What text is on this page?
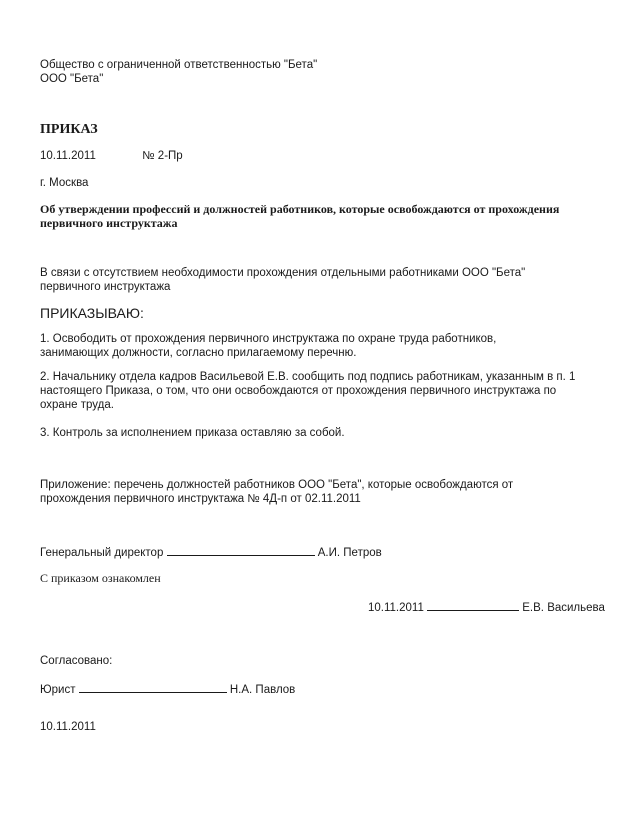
Общество с ограниченной ответственностью "Бета"
ООО "Бета"
ПРИКАЗ
10.11.2011	№ 2-Пр
г. Москва
Об утверждении профессий и должностей работников, которые освобождаются от прохождения первичного инструктажа
В связи с отсутствием необходимости прохождения отдельными работниками ООО "Бета" первичного инструктажа
ПРИКАЗЫВАЮ:
1. Освободить от прохождения первичного инструктажа по охране труда работников, занимающих должности, согласно прилагаемому перечню.
2. Начальнику отдела кадров Васильевой Е.В. сообщить под подпись работникам, указанным в п. 1 настоящего Приказа, о том, что они освобождаются от прохождения первичного инструктажа по охране труда.
3. Контроль за исполнением приказа оставляю за собой.
Приложение: перечень должностей работников ООО "Бета", которые освобождаются от прохождения первичного инструктажа № 4Д-п от 02.11.2011
Генеральный директор	А.И. Петров
С приказом ознакомлен
10.11.2011	Е.В. Васильева
Согласовано:
Юрист	Н.А. Павлов
10.11.2011
